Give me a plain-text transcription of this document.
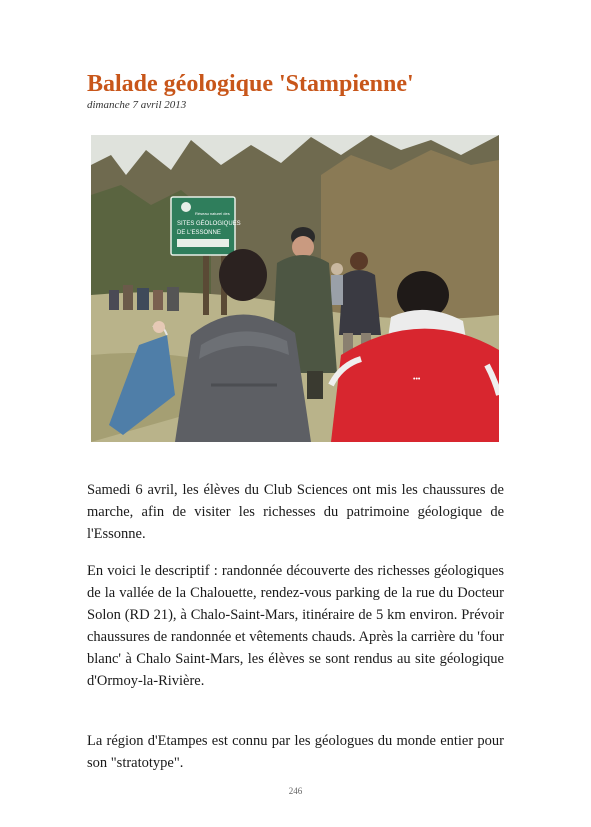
Balade géologique 'Stampienne'
dimanche 7 avril 2013
Réseau naturel des
SITES GÉOLOGIQUES
DE L'ESSONNE
•••

Samedi 6 avril, les élèves du Club Sciences ont mis les chaussures de marche, afin de visiter les richesses du patrimoine géologique de l'Essonne.

En voici le descriptif : randonnée découverte des richesses géologiques de la vallée de la Chalouette, rendez-vous parking de la rue du Docteur Solon (RD 21), à Chalo-Saint-Mars, itinéraire de 5 km environ. Prévoir chaussures de randonnée et vêtements chauds. Après la carrière du 'four blanc' à Chalo Saint-Mars, les élèves se sont rendus au site géologique d'Ormoy-la-Rivière.

La région d'Etampes est connu par les géologues du monde entier pour son "stratotype".

246
